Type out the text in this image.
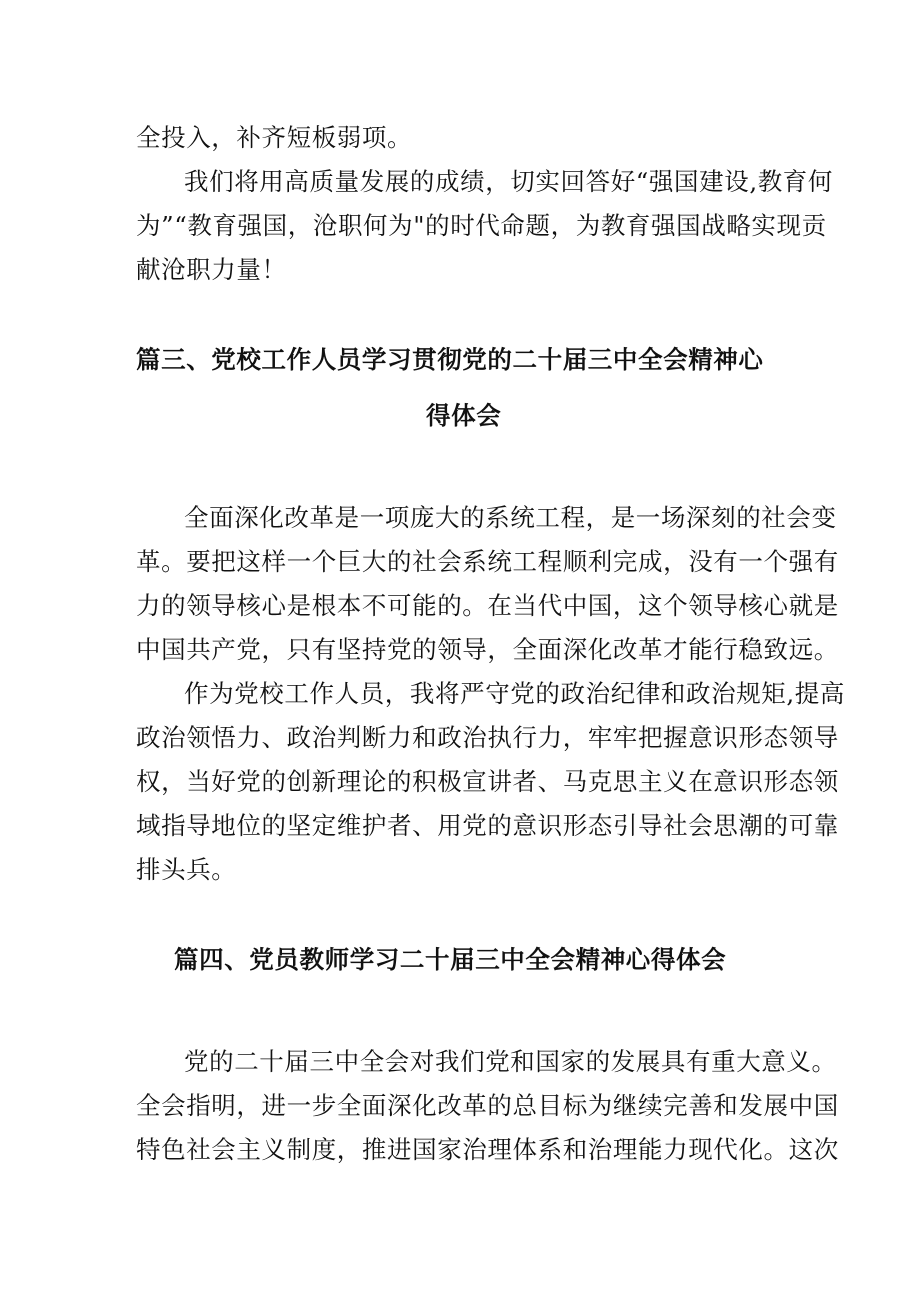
全投入，补齐短板弱项。
我们将用高质量发展的成绩，切实回答好“强国建设,教育何
为”“教育强国，沧职何为"的时代命题，为教育强国战略实现贡
献沧职力量！
篇三、党校工作人员学习贯彻党的二十届三中全会精神心
得体会
全面深化改革是一项庞大的系统工程，是一场深刻的社会变
革。要把这样一个巨大的社会系统工程顺利完成，没有一个强有
力的领导核心是根本不可能的。在当代中国，这个领导核心就是
中国共产党，只有坚持党的领导，全面深化改革才能行稳致远。
作为党校工作人员，我将严守党的政治纪律和政治规矩,提高
政治领悟力、政治判断力和政治执行力，牢牢把握意识形态领导
权，当好党的创新理论的积极宣讲者、马克思主义在意识形态领
域指导地位的坚定维护者、用党的意识形态引导社会思潮的可靠
排头兵。
篇四、党员教师学习二十届三中全会精神心得体会
党的二十届三中全会对我们党和国家的发展具有重大意义。
全会指明，进一步全面深化改革的总目标为继续完善和发展中国
特色社会主义制度，推进国家治理体系和治理能力现代化。这次
